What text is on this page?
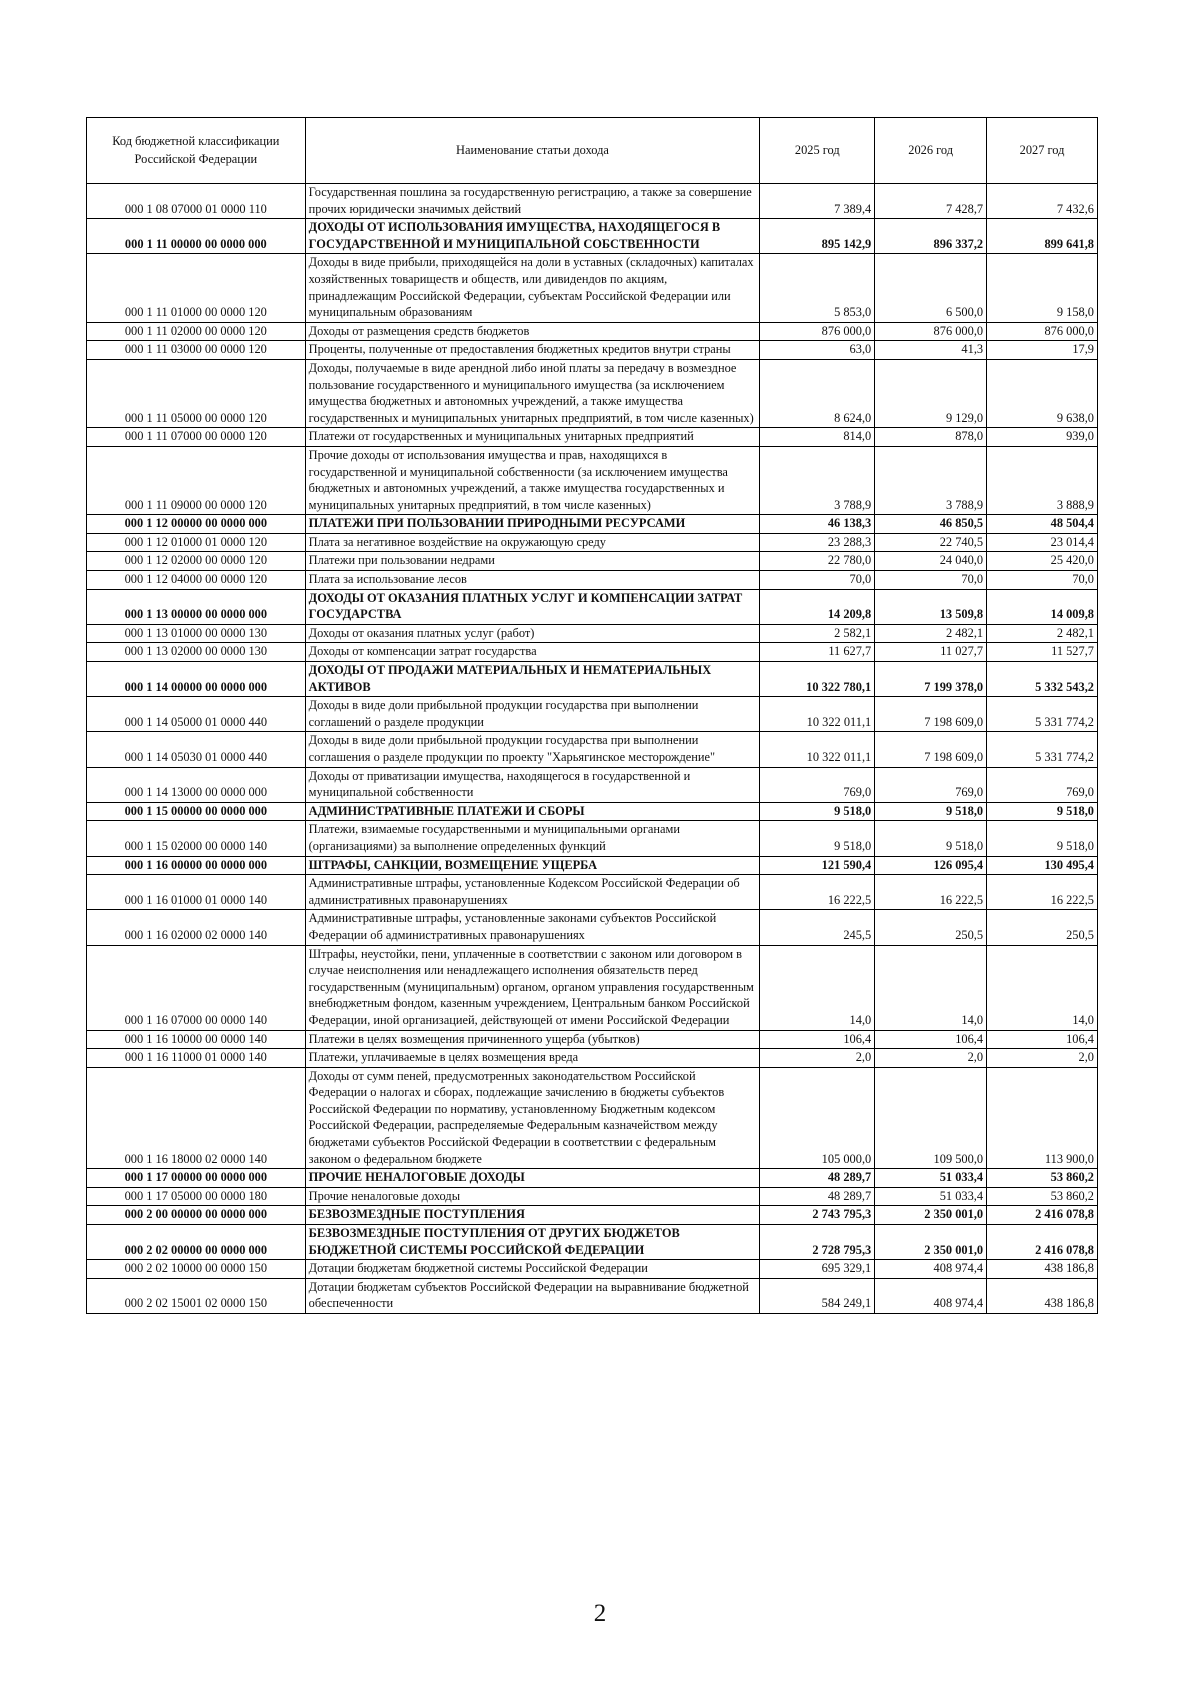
Код бюджетной классификации Российской Федерации	Наименование статьи дохода	2025 год	2026 год	2027 год
000 1 08 07000 01 0000 110	Государственная пошлина за государственную регистрацию, а также за совершение прочих юридически значимых действий	7 389,4	7 428,7	7 432,6
000 1 11 00000 00 0000 000	ДОХОДЫ ОТ ИСПОЛЬЗОВАНИЯ ИМУЩЕСТВА, НАХОДЯЩЕГОСЯ В ГОСУДАРСТВЕННОЙ И МУНИЦИПАЛЬНОЙ СОБСТВЕННОСТИ	895 142,9	896 337,2	899 641,8
000 1 11 01000 00 0000 120	Доходы в виде прибыли, приходящейся на доли в уставных (складочных) капиталах хозяйственных товариществ и обществ, или дивидендов по акциям, принадлежащим Российской Федерации, субъектам Российской Федерации или муниципальным образованиям	5 853,0	6 500,0	9 158,0
000 1 11 02000 00 0000 120	Доходы от размещения средств бюджетов	876 000,0	876 000,0	876 000,0
000 1 11 03000 00 0000 120	Проценты, полученные от предоставления бюджетных кредитов внутри страны	63,0	41,3	17,9
000 1 11 05000 00 0000 120	Доходы, получаемые в виде арендной либо иной платы за передачу в возмездное пользование государственного и муниципального имущества (за исключением имущества бюджетных и автономных учреждений, а также имущества государственных и муниципальных унитарных предприятий, в том числе казенных)	8 624,0	9 129,0	9 638,0
000 1 11 07000 00 0000 120	Платежи от государственных и муниципальных унитарных предприятий	814,0	878,0	939,0
000 1 11 09000 00 0000 120	Прочие доходы от использования имущества и прав, находящихся в государственной и муниципальной собственности (за исключением имущества бюджетных и автономных учреждений, а также имущества государственных и муниципальных унитарных предприятий, в том числе казенных)	3 788,9	3 788,9	3 888,9
000 1 12 00000 00 0000 000	ПЛАТЕЖИ ПРИ ПОЛЬЗОВАНИИ ПРИРОДНЫМИ РЕСУРСАМИ	46 138,3	46 850,5	48 504,4
000 1 12 01000 01 0000 120	Плата за негативное воздействие на окружающую среду	23 288,3	22 740,5	23 014,4
000 1 12 02000 00 0000 120	Платежи при пользовании недрами	22 780,0	24 040,0	25 420,0
000 1 12 04000 00 0000 120	Плата за использование лесов	70,0	70,0	70,0
000 1 13 00000 00 0000 000	ДОХОДЫ ОТ ОКАЗАНИЯ ПЛАТНЫХ УСЛУГ И КОМПЕНСАЦИИ ЗАТРАТ ГОСУДАРСТВА	14 209,8	13 509,8	14 009,8
000 1 13 01000 00 0000 130	Доходы от оказания платных услуг (работ)	2 582,1	2 482,1	2 482,1
000 1 13 02000 00 0000 130	Доходы от компенсации затрат государства	11 627,7	11 027,7	11 527,7
000 1 14 00000 00 0000 000	ДОХОДЫ ОТ ПРОДАЖИ МАТЕРИАЛЬНЫХ И НЕМАТЕРИАЛЬНЫХ АКТИВОВ	10 322 780,1	7 199 378,0	5 332 543,2
000 1 14 05000 01 0000 440	Доходы в виде доли прибыльной продукции государства при выполнении соглашений о разделе продукции	10 322 011,1	7 198 609,0	5 331 774,2
000 1 14 05030 01 0000 440	Доходы в виде доли прибыльной продукции государства при выполнении соглашения о разделе продукции по проекту "Харьягинское месторождение"	10 322 011,1	7 198 609,0	5 331 774,2
000 1 14 13000 00 0000 000	Доходы от приватизации имущества, находящегося в государственной и муниципальной собственности	769,0	769,0	769,0
000 1 15 00000 00 0000 000	АДМИНИСТРАТИВНЫЕ ПЛАТЕЖИ И СБОРЫ	9 518,0	9 518,0	9 518,0
000 1 15 02000 00 0000 140	Платежи, взимаемые государственными и муниципальными органами (организациями) за выполнение определенных функций	9 518,0	9 518,0	9 518,0
000 1 16 00000 00 0000 000	ШТРАФЫ, САНКЦИИ, ВОЗМЕЩЕНИЕ УЩЕРБА	121 590,4	126 095,4	130 495,4
000 1 16 01000 01 0000 140	Административные штрафы, установленные Кодексом Российской Федерации об административных правонарушениях	16 222,5	16 222,5	16 222,5
000 1 16 02000 02 0000 140	Административные штрафы, установленные законами субъектов Российской Федерации об административных правонарушениях	245,5	250,5	250,5
000 1 16 07000 00 0000 140	Штрафы, неустойки, пени, уплаченные в соответствии с законом или договором в случае неисполнения или ненадлежащего исполнения обязательств перед государственным (муниципальным) органом, органом управления государственным внебюджетным фондом, казенным учреждением, Центральным банком Российской Федерации, иной организацией, действующей от имени Российской Федерации	14,0	14,0	14,0
000 1 16 10000 00 0000 140	Платежи в целях возмещения причиненного ущерба (убытков)	106,4	106,4	106,4
000 1 16 11000 01 0000 140	Платежи, уплачиваемые в целях возмещения вреда	2,0	2,0	2,0
000 1 16 18000 02 0000 140	Доходы от сумм пеней, предусмотренных законодательством Российской Федерации о налогах и сборах, подлежащие зачислению в бюджеты субъектов Российской Федерации по нормативу, установленному Бюджетным кодексом Российской Федерации, распределяемые Федеральным казначейством между бюджетами субъектов Российской Федерации в соответствии с федеральным законом о федеральном бюджете	105 000,0	109 500,0	113 900,0
000 1 17 00000 00 0000 000	ПРОЧИЕ НЕНАЛОГОВЫЕ ДОХОДЫ	48 289,7	51 033,4	53 860,2
000 1 17 05000 00 0000 180	Прочие неналоговые доходы	48 289,7	51 033,4	53 860,2
000 2 00 00000 00 0000 000	БЕЗВОЗМЕЗДНЫЕ ПОСТУПЛЕНИЯ	2 743 795,3	2 350 001,0	2 416 078,8
000 2 02 00000 00 0000 000	БЕЗВОЗМЕЗДНЫЕ ПОСТУПЛЕНИЯ ОТ ДРУГИХ БЮДЖЕТОВ БЮДЖЕТНОЙ СИСТЕМЫ РОССИЙСКОЙ ФЕДЕРАЦИИ	2 728 795,3	2 350 001,0	2 416 078,8
000 2 02 10000 00 0000 150	Дотации бюджетам бюджетной системы Российской Федерации	695 329,1	408 974,4	438 186,8
000 2 02 15001 02 0000 150	Дотации бюджетам субъектов Российской Федерации на выравнивание бюджетной обеспеченности	584 249,1	408 974,4	438 186,8
2
